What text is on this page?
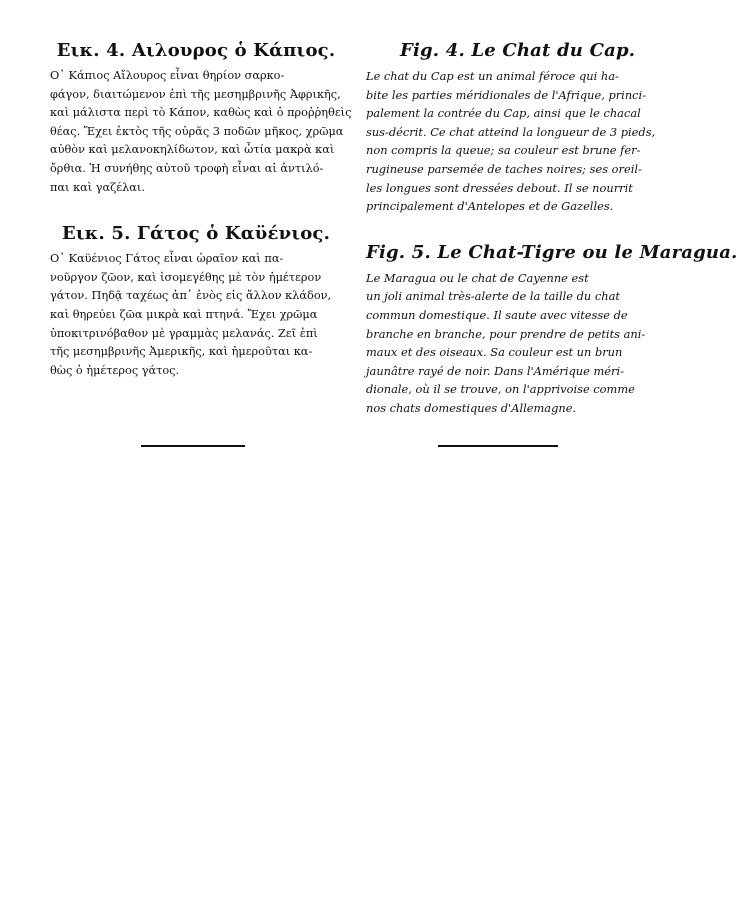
Εικ. 4. Αιλουρος ὁ Κάπιος.
Ο᾽ Κάπιος Αἴλουρος εἶναι θηρίον σαρκο-
φάγον, διαιτώμενον ἐπὶ τῆς μεσημβρινῆς Ἀφρικῆς,
καὶ μάλιστα περὶ τὸ Κάπον, καθὼς καὶ ὁ προῤῥηθεὶς
θέας. Ἔχει ἐκτὸς τῆς οὐρᾶς 3 ποδῶν μῆκος, χρῶμα
αὐθὸν καὶ μελανοκηλίδωτον, καὶ ὦτία μακρὰ καὶ
ὄρθια. Ἡ συνήθης αὐτοῦ τροφὴ εἶναι αἱ ἀντιλό-
παι καὶ γαζέλαι.
Εικ. 5. Γάτος ὁ Καϋένιος.
Ο᾽ Καϋένιος Γάτος εἶναι ὡραῖον καὶ πα-
νοῦργον ζῶον, καὶ ἰσομεγέθης μὲ τὸν ἡμέτερον
γάτον. Πηδᾷ ταχέως ἀπ᾽ ἑνὸς εἰς ἄλλον κλάδον,
καὶ θηρεύει ζῶα μικρὰ καὶ πτηνά. Ἔχει χρῶμα
ὑποκιτρινόβαθον μὲ γραμμὰς μελανάς. Ζεῖ ἐπὶ
τῆς μεσημβρινῆς Ἀμερικῆς, καὶ ἡμεροῦται κα-
θὼς ὁ ἡμέτερος γάτος.
Fig. 4. Le Chat du Cap.
Le chat du Cap est un animal féroce qui ha-
bite les parties méridionales de l'Afrique, princi-
palement la contrée du Cap, ainsi que le chacal
sus-décrit. Ce chat atteind la longueur de 3 pieds,
non compris la queue; sa couleur est brune fer-
rugineuse parsemée de taches noires; ses oreil-
les longues sont dressées debout. Il se nourrit
principalement d'Antelopes et de Gazelles.
Fig. 5. Le Chat-Tigre ou le Maragua.
Le Maragua ou le chat de Cayenne est
un joli animal très-alerte de la taille du chat
commun domestique. Il saute avec vitesse de
branche en branche, pour prendre de petits ani-
maux et des oiseaux. Sa couleur est un brun
jaunâtre rayé de noir. Dans l'Amérique méri-
dionale, où il se trouve, on l'apprivoise comme
nos chats domestiques d'Allemagne.
